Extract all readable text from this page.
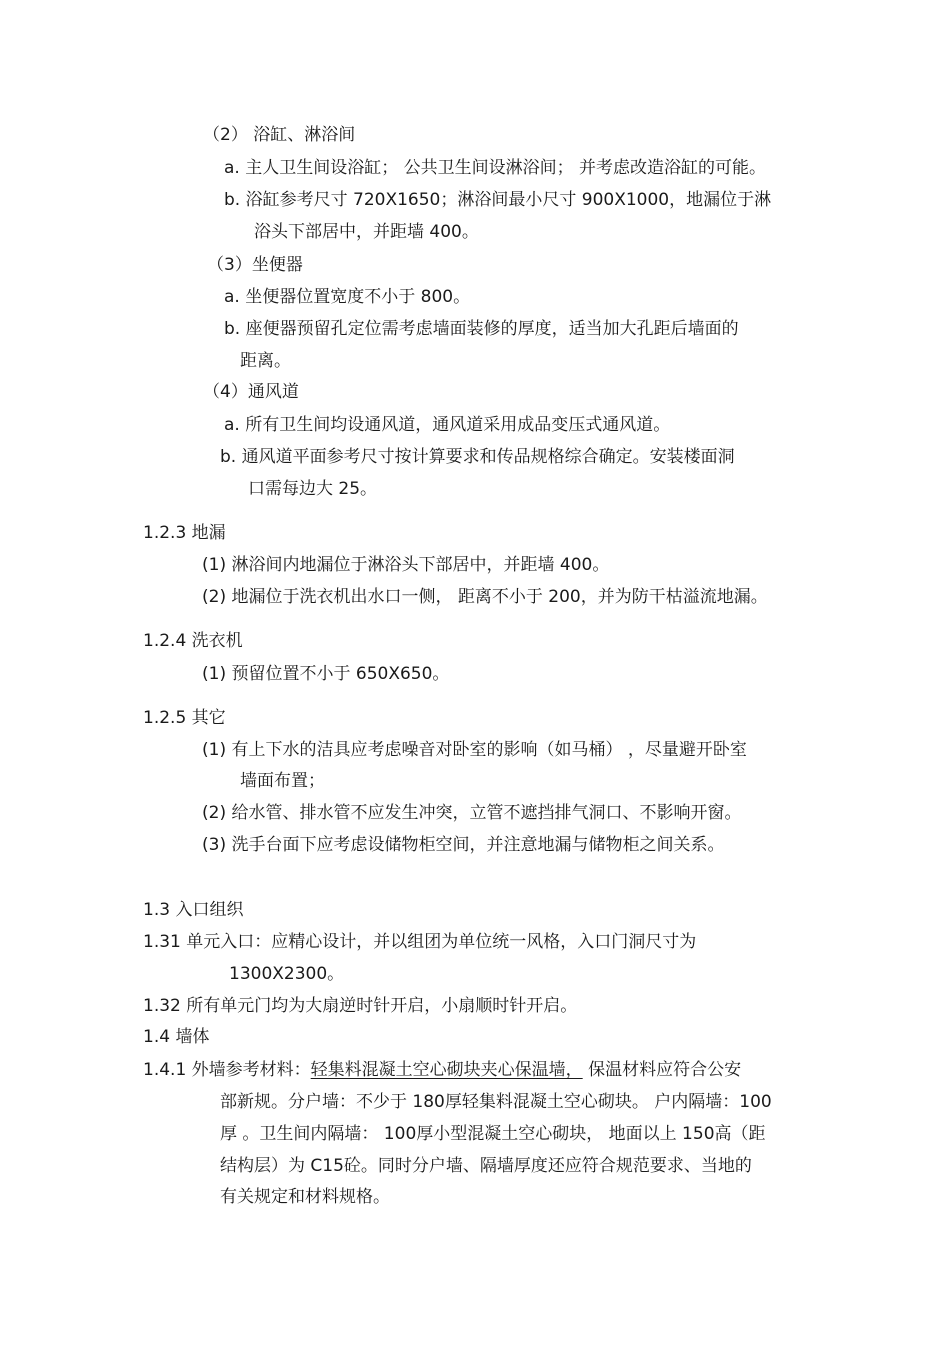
（2） 浴缸、淋浴间
a. 主人卫生间设浴缸； 公共卫生间设淋浴间； 并考虑改造浴缸的可能。
b. 浴缸参考尺寸 720X1650；淋浴间最小尺寸 900X1000，地漏位于淋
浴头下部居中，并距墙 400。
（3）坐便器
a. 坐便器位置宽度不小于 800。
b. 座便器预留孔定位需考虑墙面装修的厚度，适当加大孔距后墙面的
距离。
（4）通风道
a. 所有卫生间均设通风道，通风道采用成品变压式通风道。
b. 通风道平面参考尺寸按计算要求和传品规格综合确定。安装楼面洞
口需每边大 25。
1.2.3 地漏
(1) 淋浴间内地漏位于淋浴头下部居中，并距墙 400。
(2) 地漏位于洗衣机出水口一侧， 距离不小于 200，并为防干枯溢流地漏。
1.2.4 洗衣机
(1) 预留位置不小于 650X650。
1.2.5 其它
(1) 有上下水的洁具应考虑噪音对卧室的影响（如马桶） ，尽量避开卧室
墙面布置；
(2) 给水管、排水管不应发生冲突，立管不遮挡排气洞口、不影响开窗。
(3) 洗手台面下应考虑设储物柜空间，并注意地漏与储物柜之间关系。
1.3 入口组织
1.31 单元入口：应精心设计，并以组团为单位统一风格，入口门洞尺寸为
1300X2300。
1.32 所有单元门均为大扇逆时针开启，小扇顺时针开启。
1.4 墙体
1.4.1 外墙参考材料：轻集料混凝土空心砌块夹心保温墙， 保温材料应符合公安
部新规。分户墙：不少于 180厚轻集料混凝土空心砌块。 户内隔墙：100
厚 。卫生间内隔墙： 100厚小型混凝土空心砌块， 地面以上 150高（距
结构层）为 C15砼。同时分户墙、隔墙厚度还应符合规范要求、当地的
有关规定和材料规格。
